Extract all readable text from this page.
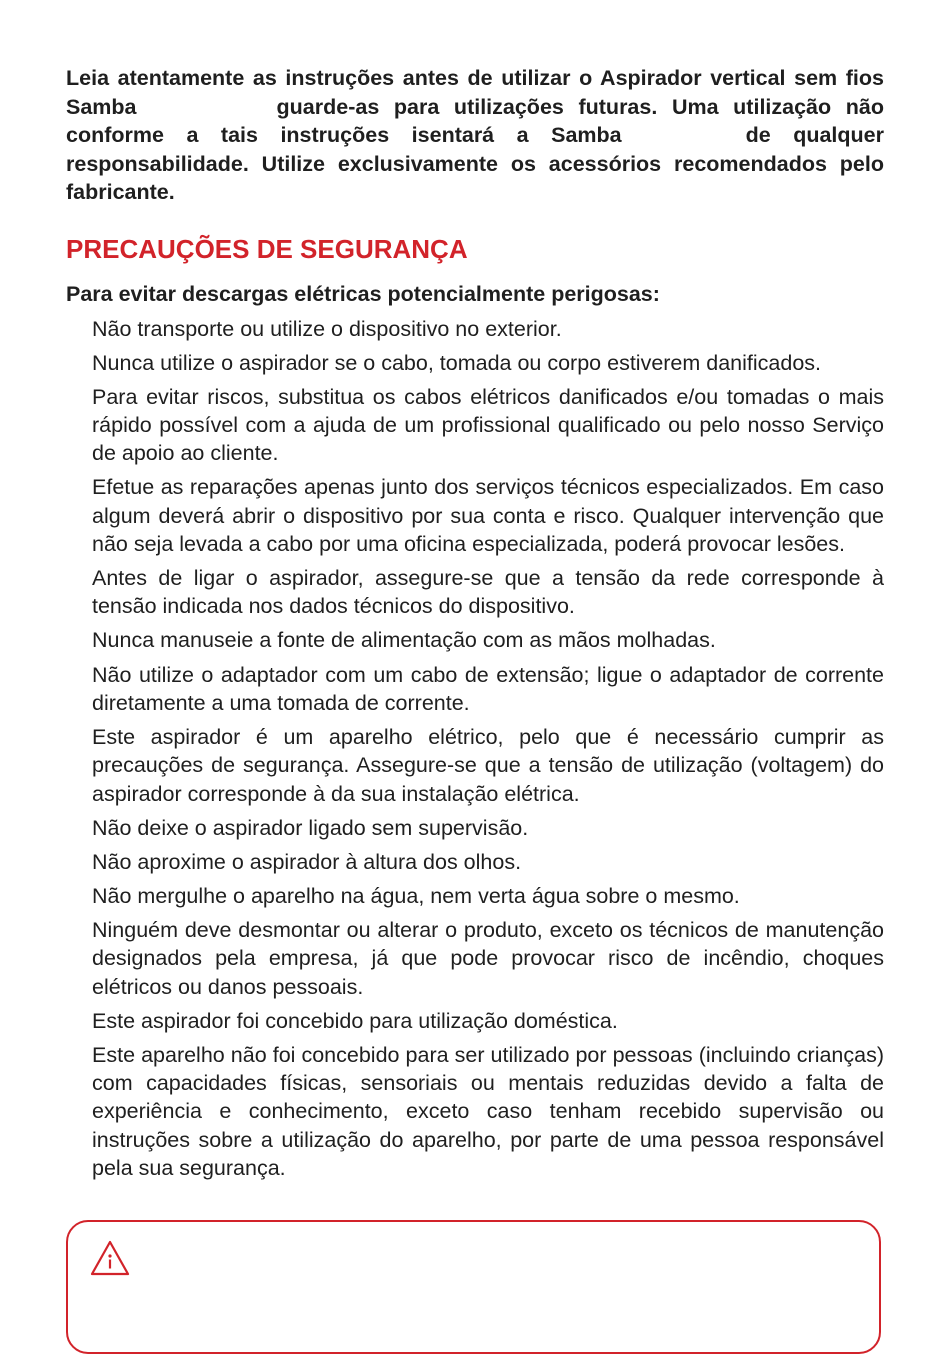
Leia atentamente as instruções antes de utilizar o Aspirador vertical sem fios Samba	guarde-as para utilizações futuras. Uma utilização não conforme a tais instruções isentará a Samba	de qualquer responsabilidade. Utilize exclusivamente os acessórios recomendados pelo fabricante.

PRECAUÇÕES DE SEGURANÇA
Para evitar descargas elétricas potencialmente perigosas:
Não transporte ou utilize o dispositivo no exterior.
Nunca utilize o aspirador se o cabo, tomada ou corpo estiverem danificados.
Para evitar riscos, substitua os cabos elétricos danificados e/ou tomadas o mais rápido possível com a ajuda de um profissional qualificado ou pelo nosso Serviço de apoio ao cliente.
Efetue as reparações apenas junto dos serviços técnicos especializados. Em caso algum deverá abrir o dispositivo por sua conta e risco. Qualquer intervenção que não seja levada a cabo por uma oficina especializada, poderá provocar lesões.
Antes de ligar o aspirador, assegure-se que a tensão da rede corresponde à tensão indicada nos dados técnicos do dispositivo.
Nunca manuseie a fonte de alimentação com as mãos molhadas.
Não utilize o adaptador com um cabo de extensão; ligue o adaptador de corrente diretamente a uma tomada de corrente.
Este aspirador é um aparelho elétrico, pelo que é necessário cumprir as precauções de segurança. Assegure-se que a tensão de utilização (voltagem) do aspirador corresponde à da sua instalação elétrica.
Não deixe o aspirador ligado sem supervisão.
Não aproxime o aspirador à altura dos olhos.
Não mergulhe o aparelho na água, nem verta água sobre o mesmo.
Ninguém deve desmontar ou alterar o produto, exceto os técnicos de manutenção designados pela empresa, já que pode provocar risco de incêndio, choques elétricos ou danos pessoais.
Este aspirador foi concebido para utilização doméstica.
Este aparelho não foi concebido para ser utilizado por pessoas (incluindo crianças) com capacidades físicas, sensoriais ou mentais reduzidas devido a falta de experiência e conhecimento, exceto caso tenham recebido supervisão ou instruções sobre a utilização do aparelho, por parte de uma pessoa responsável pela sua segurança.
